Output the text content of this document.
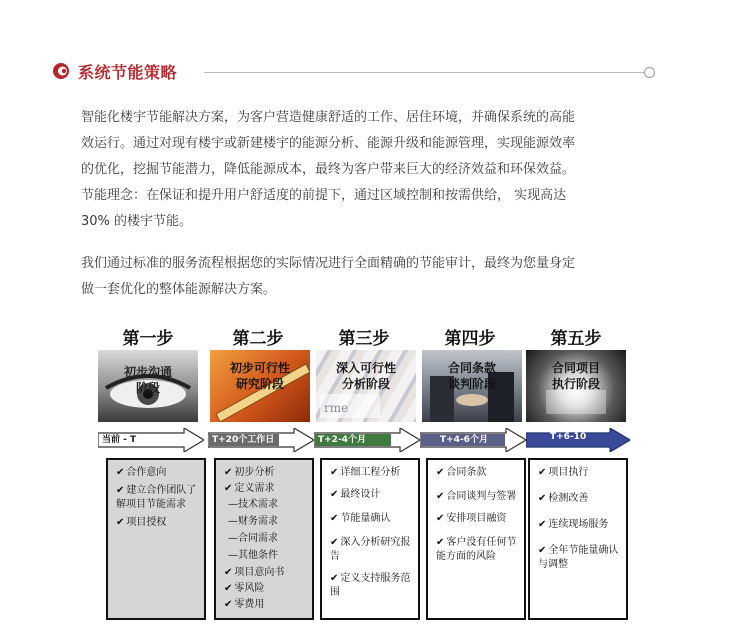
系统节能策略

智能化楼宇节能解决方案，为客户营造健康舒适的工作、居住环境，并确保系统的高能

效运行。通过对现有楼宇或新建楼宇的能源分析、能源升级和能源管理，实现能源效率

的优化，挖掘节能潜力，降低能源成本，最终为客户带来巨大的经济效益和环保效益。

节能理念：在保证和提升用户舒适度的前提下，通过区域控制和按需供给， 实现高达

30% 的楼宇节能。

我们通过标准的服务流程根据您的实际情况进行全面精确的节能审计，最终为您量身定

做一套优化的整体能源解决方案。

第一步
初步沟通
阶段
当前 - T
✔ 合作意向
✔ 建立合作团队了解项目节能需求
✔ 项目授权
第二步
初步可行性
研究阶段
T+20个工作日
✔ 初步分析
✔ 定义需求
—技术需求
—财务需求
—合同需求
—其他条件
✔ 项目意向书
✔ 零风险
✔ 零费用
第三步
rme
深入可行性
分析阶段
T+2-4个月
✔ 详细工程分析
✔ 最终设计
✔ 节能量确认
✔ 深入分析研究报告
✔ 定义支持服务范围
第四步
合同条款
谈判阶段
T+4-6个月
✔ 合同条款
✔ 合同谈判与签署
✔ 安排项目融资
✔ 客户没有任何节能方面的风险
第五步
合同项目
执行阶段
T+6-10
✔ 项目执行
✔ 检测改善
✔ 连续现场服务
✔ 全年节能量确认与调整
